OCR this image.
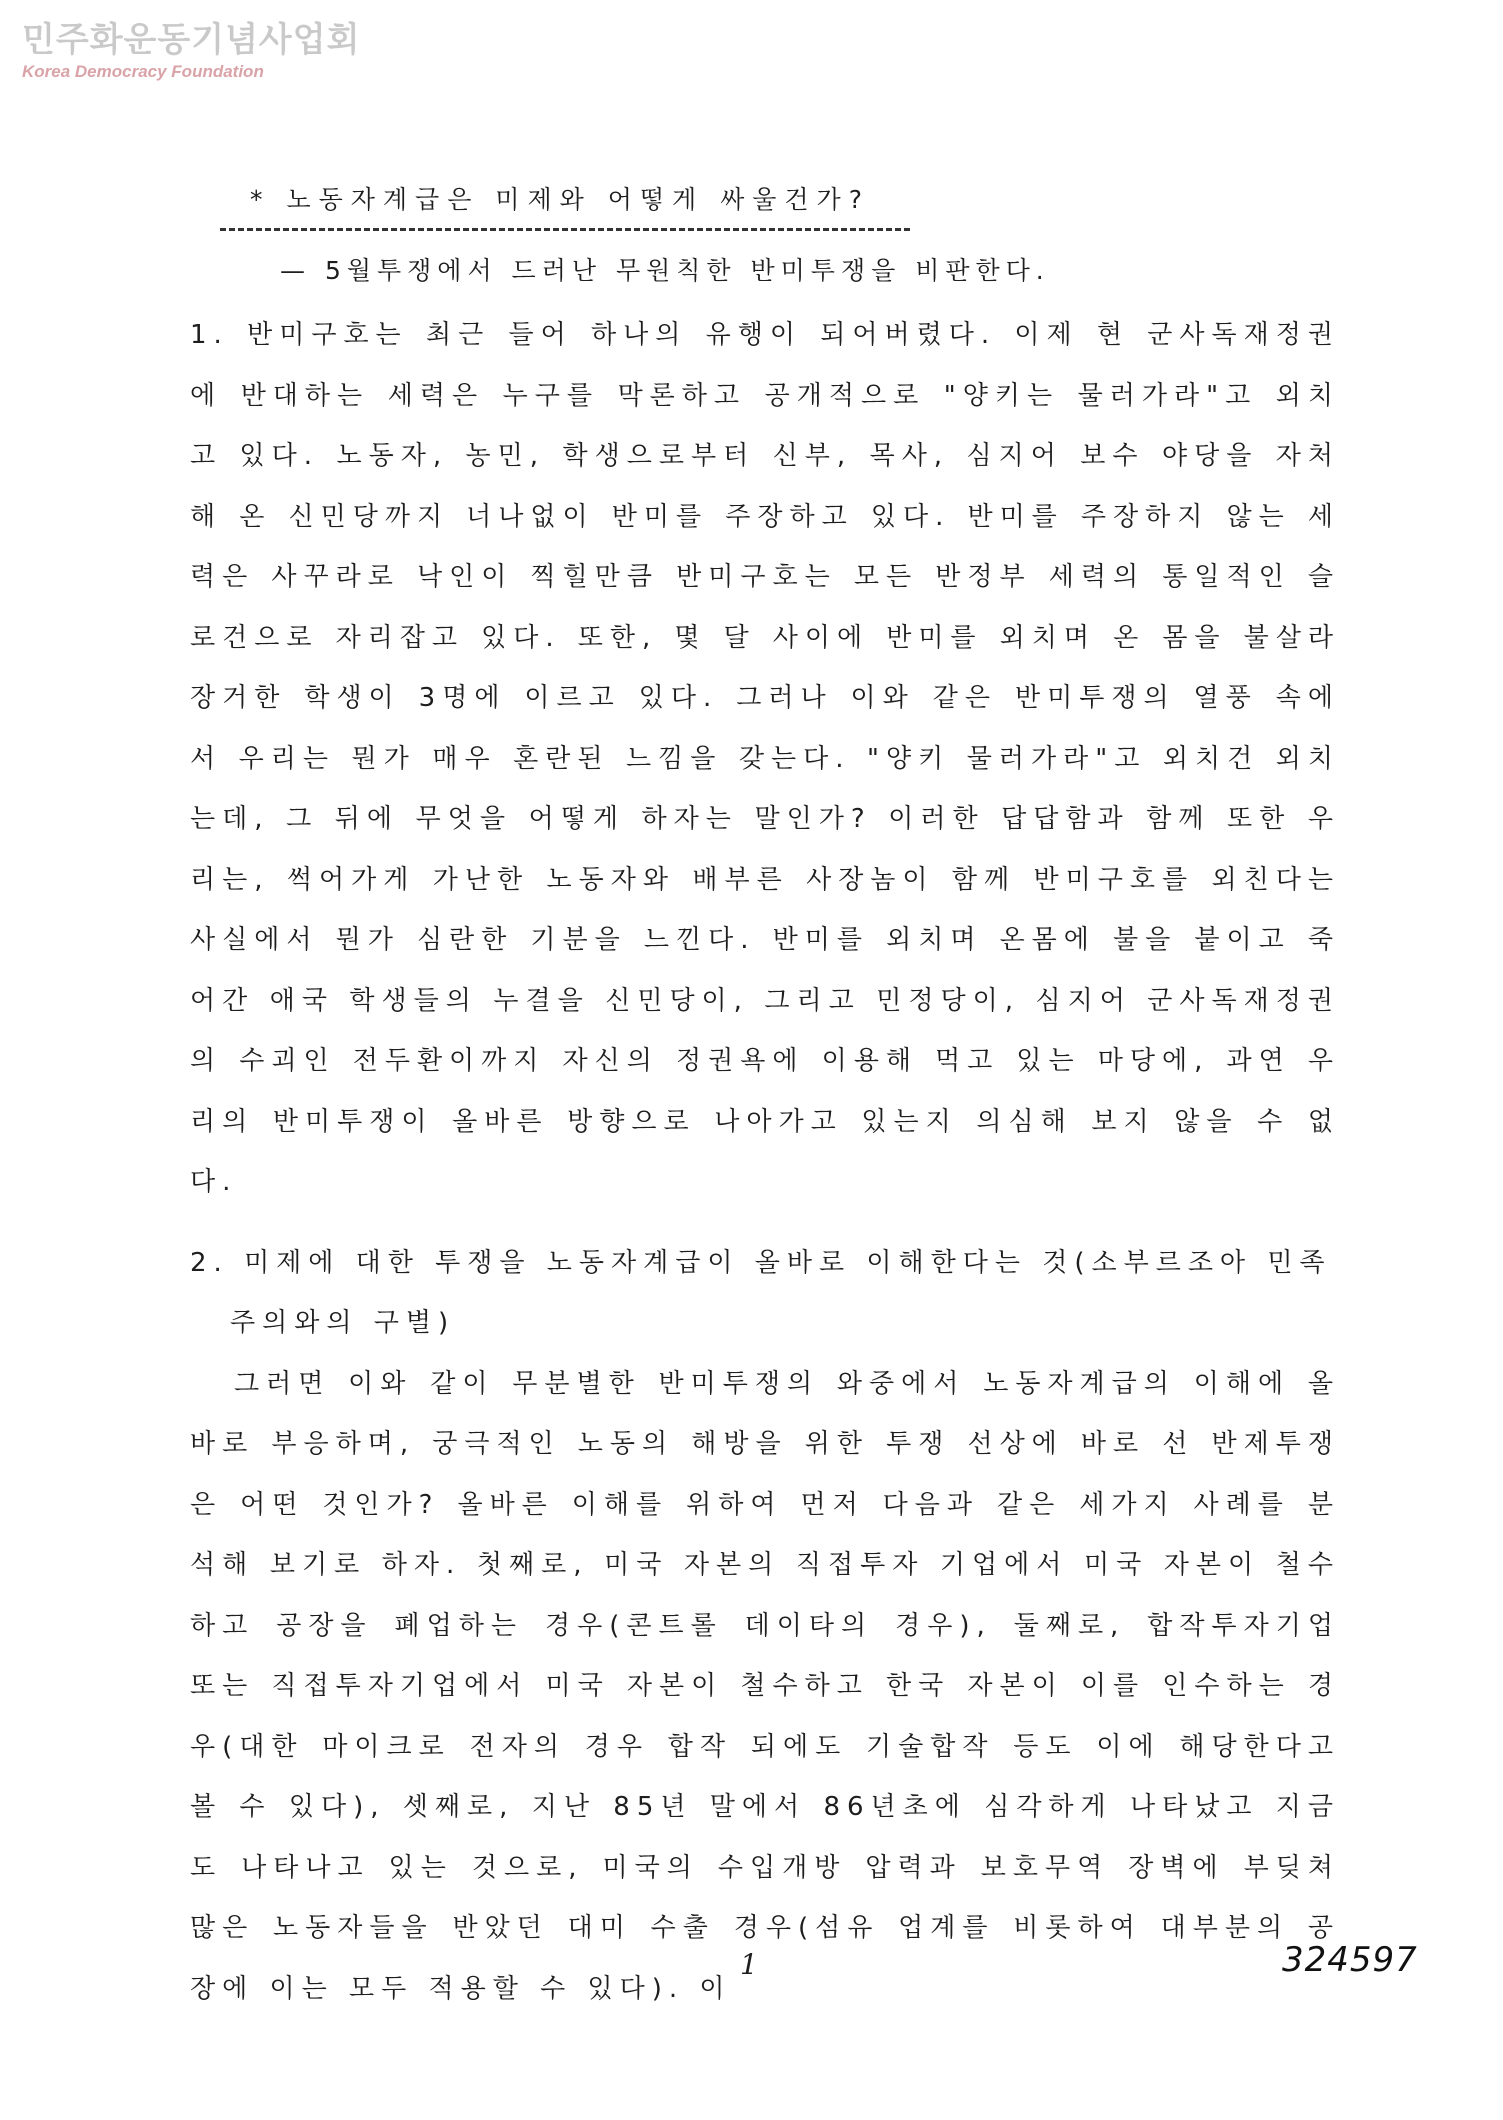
민주화운동기념사업회
Korea Democracy Foundation
* 노동자계급은 미제와 어떻게 싸울건가?
— 5월투쟁에서 드러난 무원칙한 반미투쟁을 비판한다.

1. 반미구호는 최근 들어 하나의 유행이 되어버렸다. 이제 현 군사독재정권에 반대하는 세력은 누구를 막론하고 공개적으로 "양키는 물러가라"고 외치고 있다. 노동자, 농민, 학생으로부터 신부, 목사, 심지어 보수 야당을 자처해 온 신민당까지 너나없이 반미를 주장하고 있다. 반미를 주장하지 않는 세력은 사꾸라로 낙인이 찍힐만큼 반미구호는 모든 반정부 세력의 통일적인 슬로건으로 자리잡고 있다. 또한, 몇 달 사이에 반미를 외치며 온 몸을 불살라 장거한 학생이 3명에 이르고 있다. 그러나 이와 같은 반미투쟁의 열풍 속에서 우리는 뭔가 매우 혼란된 느낌을 갖는다. "양키 물러가라"고 외치건 외치는데, 그 뒤에 무엇을 어떻게 하자는 말인가? 이러한 답답함과 함께 또한 우리는, 썩어가게 가난한 노동자와 배부른 사장놈이 함께 반미구호를 외친다는 사실에서 뭔가 심란한 기분을 느낀다. 반미를 외치며 온몸에 불을 붙이고 죽어간 애국 학생들의 누결을 신민당이, 그리고 민정당이, 심지어 군사독재정권의 수괴인 전두환이까지 자신의 정권욕에 이용해 먹고 있는 마당에, 과연 우리의 반미투쟁이 올바른 방향으로 나아가고 있는지 의심해 보지 않을 수 없다.

2. 미제에 대한 투쟁을 노동자계급이 올바로 이해한다는 것(소부르조아 민족
주의와의 구별)

그러면 이와 같이 무분별한 반미투쟁의 와중에서 노동자계급의 이해에 올바로 부응하며, 궁극적인 노동의 해방을 위한 투쟁 선상에 바로 선 반제투쟁은 어떤 것인가? 올바른 이해를 위하여 먼저 다음과 같은 세가지 사례를 분석해 보기로 하자. 첫째로, 미국 자본의 직접투자 기업에서 미국 자본이 철수하고 공장을 폐업하는 경우(콘트롤 데이타의 경우), 둘째로, 합작투자기업 또는 직접투자기업에서 미국 자본이 철수하고 한국 자본이 이를 인수하는 경우(대한 마이크로 전자의 경우 합작 되에도 기술합작 등도 이에 해당한다고 볼 수 있다), 셋째로, 지난 85년 말에서 86년초에 심각하게 나타났고 지금도 나타나고 있는 것으로, 미국의 수입개방 압력과 보호무역 장벽에 부딪쳐 많은 노동자들을 반았던 대미 수출 경우(섬유 업계를 비롯하여 대부분의 공장에 이는 모두 적용할 수 있다). 이

1	324597
